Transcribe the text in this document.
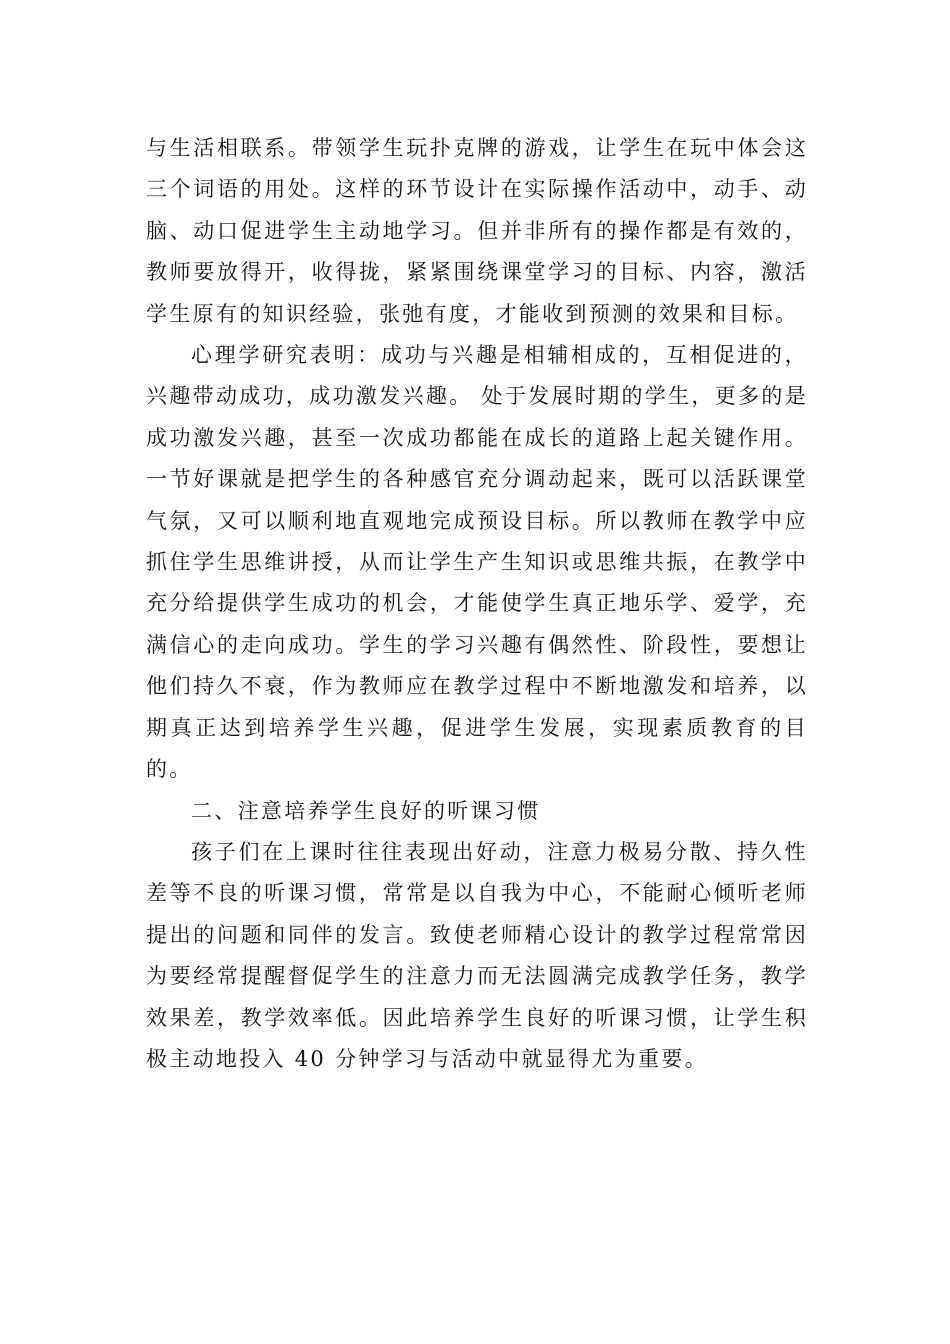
与生活相联系。带领学生玩扑克牌的游戏，让学生在玩中体会这三个词语的用处。这样的环节设计在实际操作活动中，动手、动脑、动口促进学生主动地学习。但并非所有的操作都是有效的，教师要放得开，收得拢，紧紧围绕课堂学习的目标、内容，激活学生原有的知识经验，张弛有度，才能收到预测的效果和目标。

心理学研究表明：成功与兴趣是相辅相成的，互相促进的，兴趣带动成功，成功激发兴趣。 处于发展时期的学生，更多的是成功激发兴趣，甚至一次成功都能在成长的道路上起关键作用。一节好课就是把学生的各种感官充分调动起来，既可以活跃课堂气氛，又可以顺利地直观地完成预设目标。所以教师在教学中应抓住学生思维讲授，从而让学生产生知识或思维共振，在教学中充分给提供学生成功的机会，才能使学生真正地乐学、爱学，充满信心的走向成功。学生的学习兴趣有偶然性、阶段性，要想让他们持久不衰，作为教师应在教学过程中不断地激发和培养，以期真正达到培养学生兴趣，促进学生发展，实现素质教育的目的。

二、注意培养学生良好的听课习惯

孩子们在上课时往往表现出好动，注意力极易分散、持久性差等不良的听课习惯，常常是以自我为中心，不能耐心倾听老师提出的问题和同伴的发言。致使老师精心设计的教学过程常常因为要经常提醒督促学生的注意力而无法圆满完成教学任务，教学效果差，教学效率低。因此培养学生良好的听课习惯，让学生积极主动地投入 40 分钟学习与活动中就显得尤为重要。
